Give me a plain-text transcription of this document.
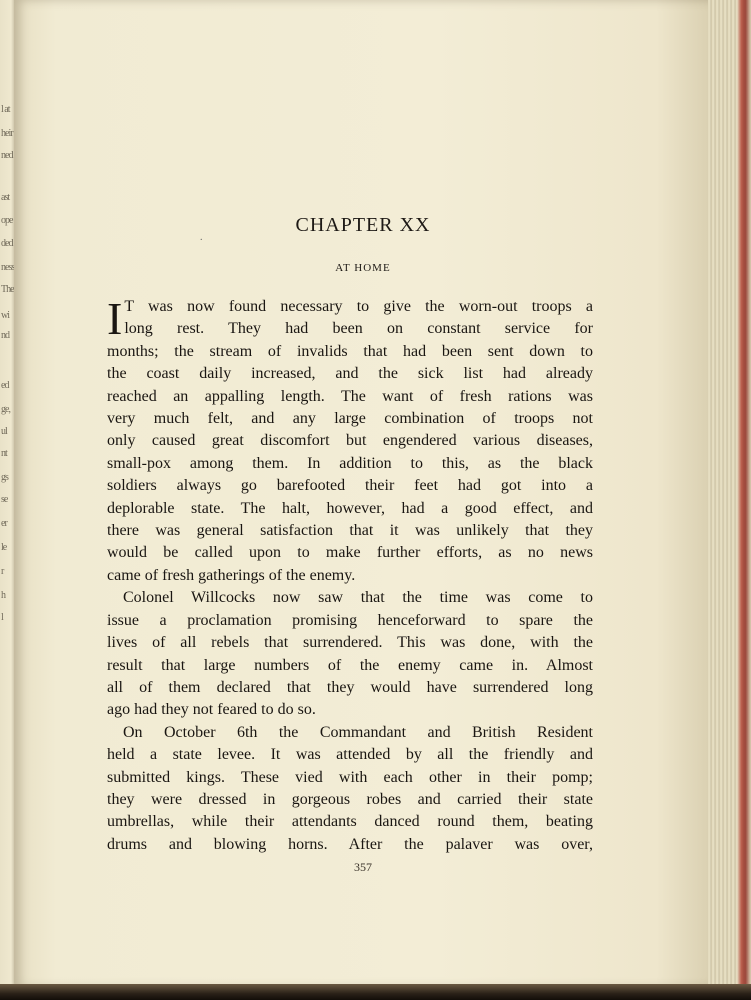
l at
heir
ned
ast
ope
ded
ness
The
wi
nd
ed
ge,
ul
nt
gs
se
er
le
r
h
l
.
CHAPTER XX
AT HOME
I T was now found necessary to give the worn-out troops a
long rest. They had been on constant service for
months; the stream of invalids that had been sent down to
the coast daily increased, and the sick list had already
reached an appalling length. The want of fresh rations was
very much felt, and any large combination of troops not
only caused great discomfort but engendered various diseases,
small-pox among them. In addition to this, as the black
soldiers always go barefooted their feet had got into a
deplorable state. The halt, however, had a good effect, and
there was general satisfaction that it was unlikely that they
would be called upon to make further efforts, as no news
came of fresh gatherings of the enemy.
Colonel Willcocks now saw that the time was come to
issue a proclamation promising henceforward to spare the
lives of all rebels that surrendered. This was done, with the
result that large numbers of the enemy came in. Almost
all of them declared that they would have surrendered long
ago had they not feared to do so.
On October 6th the Commandant and British Resident
held a state levee. It was attended by all the friendly and
submitted kings. These vied with each other in their pomp;
they were dressed in gorgeous robes and carried their state
umbrellas, while their attendants danced round them, beating
drums and blowing horns. After the palaver was over,
357
